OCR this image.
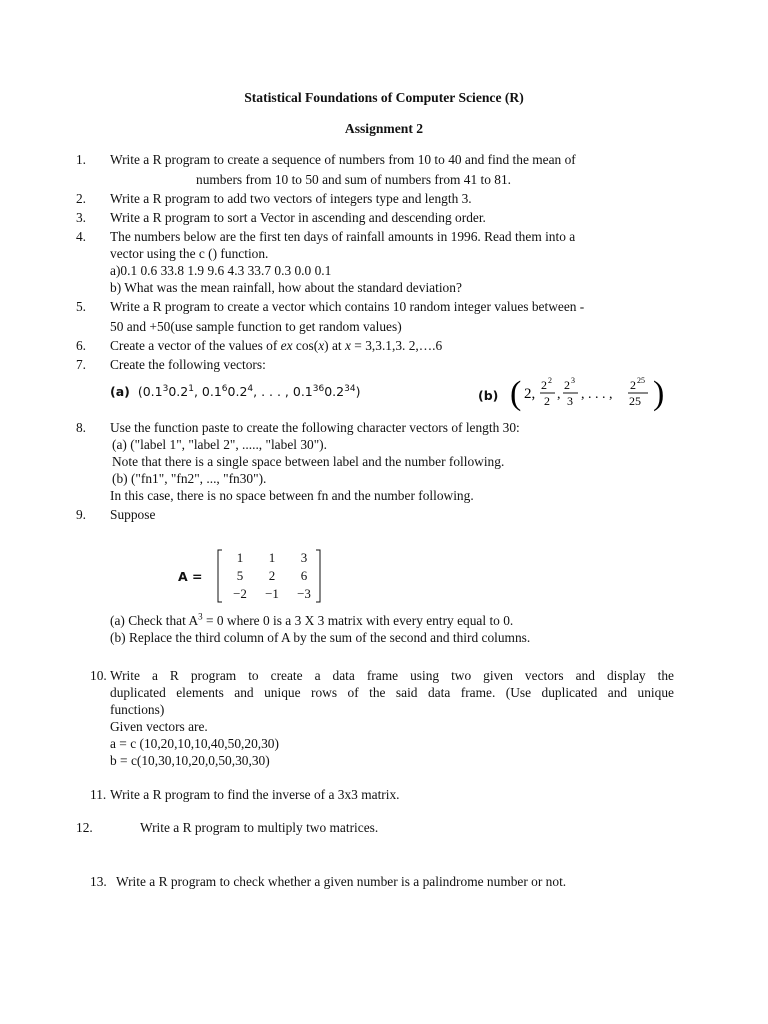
Statistical Foundations of Computer Science (R)
Assignment 2
1. Write a R program to create a sequence of numbers from 10 to 40 and find the mean of
numbers from 10 to 50 and sum of numbers from 41 to 81.
2. Write a R program to add two vectors of integers type and length 3.
3. Write a R program to sort a Vector in ascending and descending order.
4. The numbers below are the first ten days of rainfall amounts in 1996. Read them into a
vector using the c () function.
a)0.1 0.6 33.8 1.9 9.6 4.3 33.7 0.3 0.0 0.1
b) What was the mean rainfall, how about the standard deviation?
5. Write a R program to create a vector which contains 10 random integer values between -
50 and +50(use sample function to get random values)
6. Create a vector of the values of ex cos(x) at x = 3,3.1,3. 2,….6
7. Create the following vectors:
(a)  ($0.1^30.2^1$, $0.1^60.2^4$, . . . , $0.1^{36}0.2^{34}$)	(b) ( 2,
2 2
2 ,
2 3
3 , . . . ,
2 25
25 )
8. Use the function paste to create the following character vectors of length 30:
(a) ("label 1", "label 2", ....., "label 30").
Note that there is a single space between label and the number following.
(b) ("fn1", "fn2", ..., "fn30").
In this case, there is no space between fn and the number following.
9. Suppose
A =
1	1	3
5	2	6
−2	−1	−3
(a) Check that $A^3 = 0$ where 0 is a 3 X 3 matrix with every entry equal to 0.
(b) Replace the third column of A by the sum of the second and third columns.
10. Write a R program to create a data frame using two given vectors and display the
duplicated elements and unique rows of the said data frame. (Use duplicated and unique
functions)
Given vectors are.
a = c (10,20,10,10,40,50,20,30)
b = c(10,30,10,20,0,50,30,30)
11. Write a R program to find the inverse of a 3x3 matrix.
12.	Write a R program to multiply two matrices.
13. Write a R program to check whether a given number is a palindrome number or not.
